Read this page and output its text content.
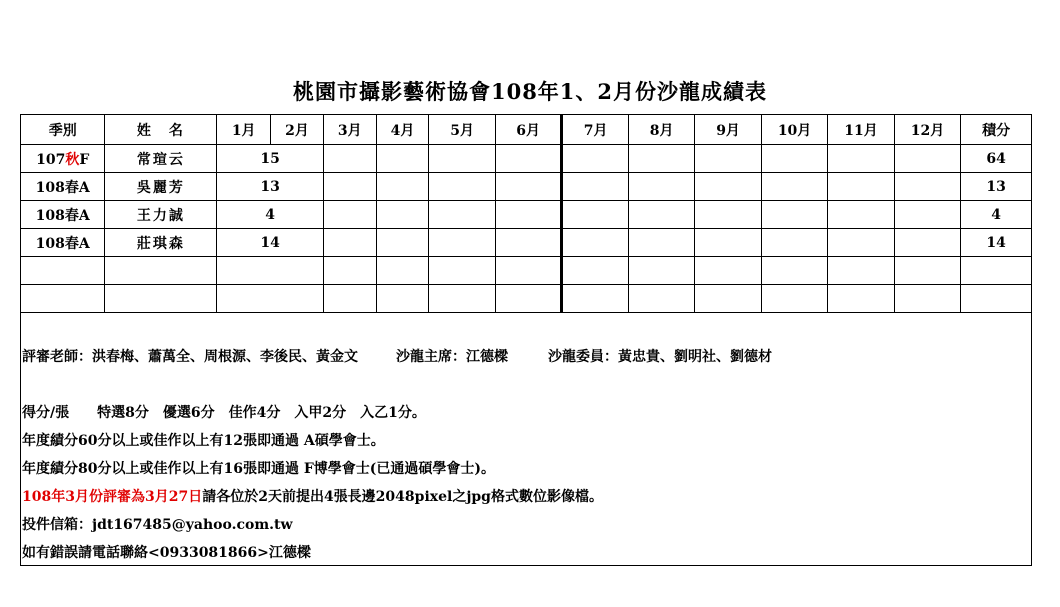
桃園市攝影藝術協會108年1、2月份沙龍成績表
季別	姓　名	1月	2月	3月	4月	5月	6月	7月	8月	9月	10月	11月	12月	積分
107秋F	常瑄云	15												64
108春A	吳麗芳	13												13
108春A	王力誠	4												4
108春A	莊琪森	14												14

評審老師：洪春梅、蕭萬全、周根源、李後民、黃金文	沙龍主席：江德樑	沙龍委員：黃忠貴、劉明社、劉德材
得分/張　　特選8分　優選6分　佳作4分　入甲2分　入乙1分。
年度績分60分以上或佳作以上有12張即通過 A碩學會士。
年度績分80分以上或佳作以上有16張即通過 F博學會士(已通過碩學會士)。
108年3月份評審為3月27日請各位於2天前提出4張長邊2048pixel之jpg格式數位影像檔。
投件信箱：jdt167485@yahoo.com.tw
如有錯誤請電話聯絡<0933081866>江德樑
